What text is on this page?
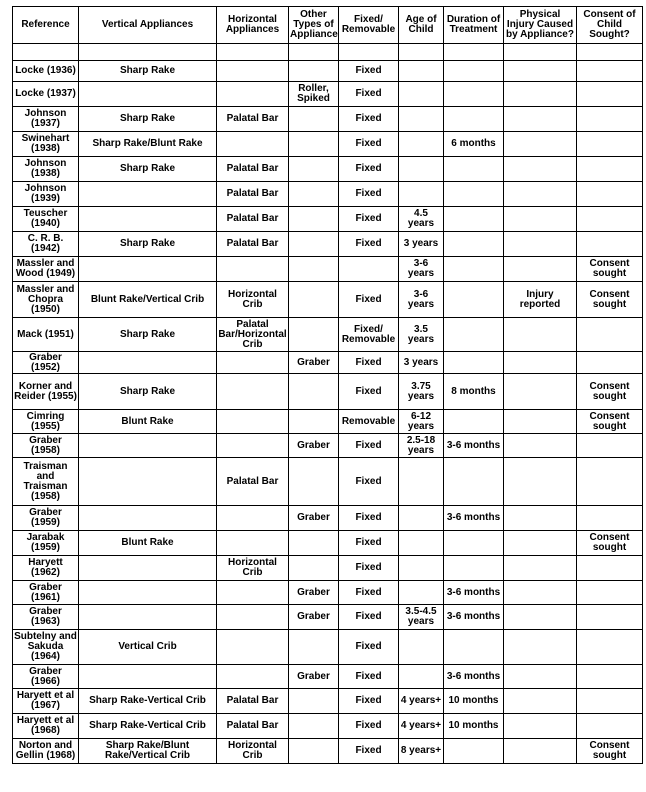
Reference	Vertical Appliances	Horizontal Appliances	Other Types of Appliance	Fixed/ Removable	Age of Child	Duration of Treatment	Physical Injury Caused by Appliance?	Consent of Child Sought?

Locke (1936)	Sharp Rake			Fixed				
Locke (1937)			Roller, Spiked	Fixed				
Johnson (1937)	Sharp Rake	Palatal Bar		Fixed				
Swinehart (1938)	Sharp Rake/Blunt Rake			Fixed		6 months		
Johnson (1938)	Sharp Rake	Palatal Bar		Fixed				
Johnson (1939)		Palatal Bar		Fixed				
Teuscher (1940)		Palatal Bar		Fixed	4.5 years			
C. R. B. (1942)	Sharp Rake	Palatal Bar		Fixed	3 years			
Massler and Wood (1949)					3-6 years			Consent sought
Massler and Chopra (1950)	Blunt Rake/Vertical Crib	Horizontal Crib		Fixed	3-6 years		Injury reported	Consent sought
Mack (1951)	Sharp Rake	Palatal Bar/Horizontal Crib		Fixed/ Removable	3.5 years			
Graber (1952)			Graber	Fixed	3 years			
Korner and Reider (1955)	Sharp Rake			Fixed	3.75 years	8 months		Consent sought
Cimring (1955)	Blunt Rake			Removable	6-12 years			Consent sought
Graber (1958)			Graber	Fixed	2.5-18 years	3-6 months		
Traisman and Traisman (1958)		Palatal Bar		Fixed				
Graber (1959)			Graber	Fixed		3-6 months		
Jarabak (1959)	Blunt Rake			Fixed				Consent sought
Haryett (1962)		Horizontal Crib		Fixed				
Graber (1961)			Graber	Fixed		3-6 months		
Graber (1963)			Graber	Fixed	3.5-4.5 years	3-6 months		
Subtelny and Sakuda (1964)	Vertical Crib			Fixed				
Graber (1966)			Graber	Fixed		3-6 months		
Haryett et al (1967)	Sharp Rake-Vertical Crib	Palatal Bar		Fixed	4 years+	10 months		
Haryett et al (1968)	Sharp Rake-Vertical Crib	Palatal Bar		Fixed	4 years+	10 months		
Norton and Gellin (1968)	Sharp Rake/Blunt Rake/Vertical Crib	Horizontal Crib		Fixed	8 years+			Consent sought
